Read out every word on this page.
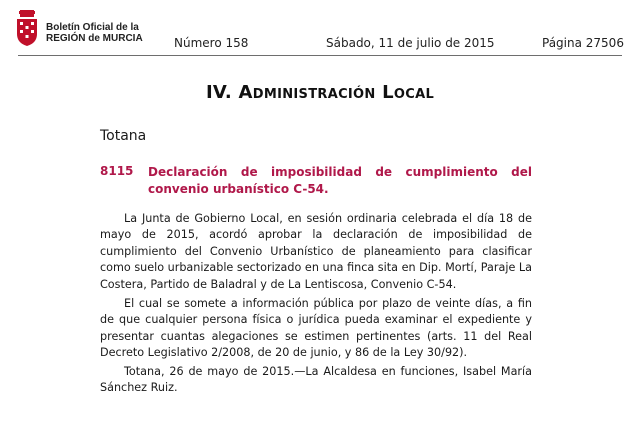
Boletín Oficial de la
REGIÓN de MURCIA	Número 158	Sábado, 11 de julio de 2015	Página 27506
IV. Administración Local
Totana
8115 Declaración de imposibilidad de cumplimiento del convenio urbanístico C-54.
La Junta de Gobierno Local, en sesión ordinaria celebrada el día 18 de mayo de 2015, acordó aprobar la declaración de imposibilidad de cumplimiento del Convenio Urbanístico de planeamiento para clasificar como suelo urbanizable sectorizado en una finca sita en Dip. Mortí, Paraje La Costera, Partido de Baladral y de La Lentiscosa, Convenio C-54.
El cual se somete a información pública por plazo de veinte días, a fin de que cualquier persona física o jurídica pueda examinar el expediente y presentar cuantas alegaciones se estimen pertinentes (arts. 11 del Real Decreto Legislativo 2/2008, de 20 de junio, y 86 de la Ley 30/92).
Totana, 26 de mayo de 2015.—La Alcaldesa en funciones, Isabel María Sánchez Ruiz.
